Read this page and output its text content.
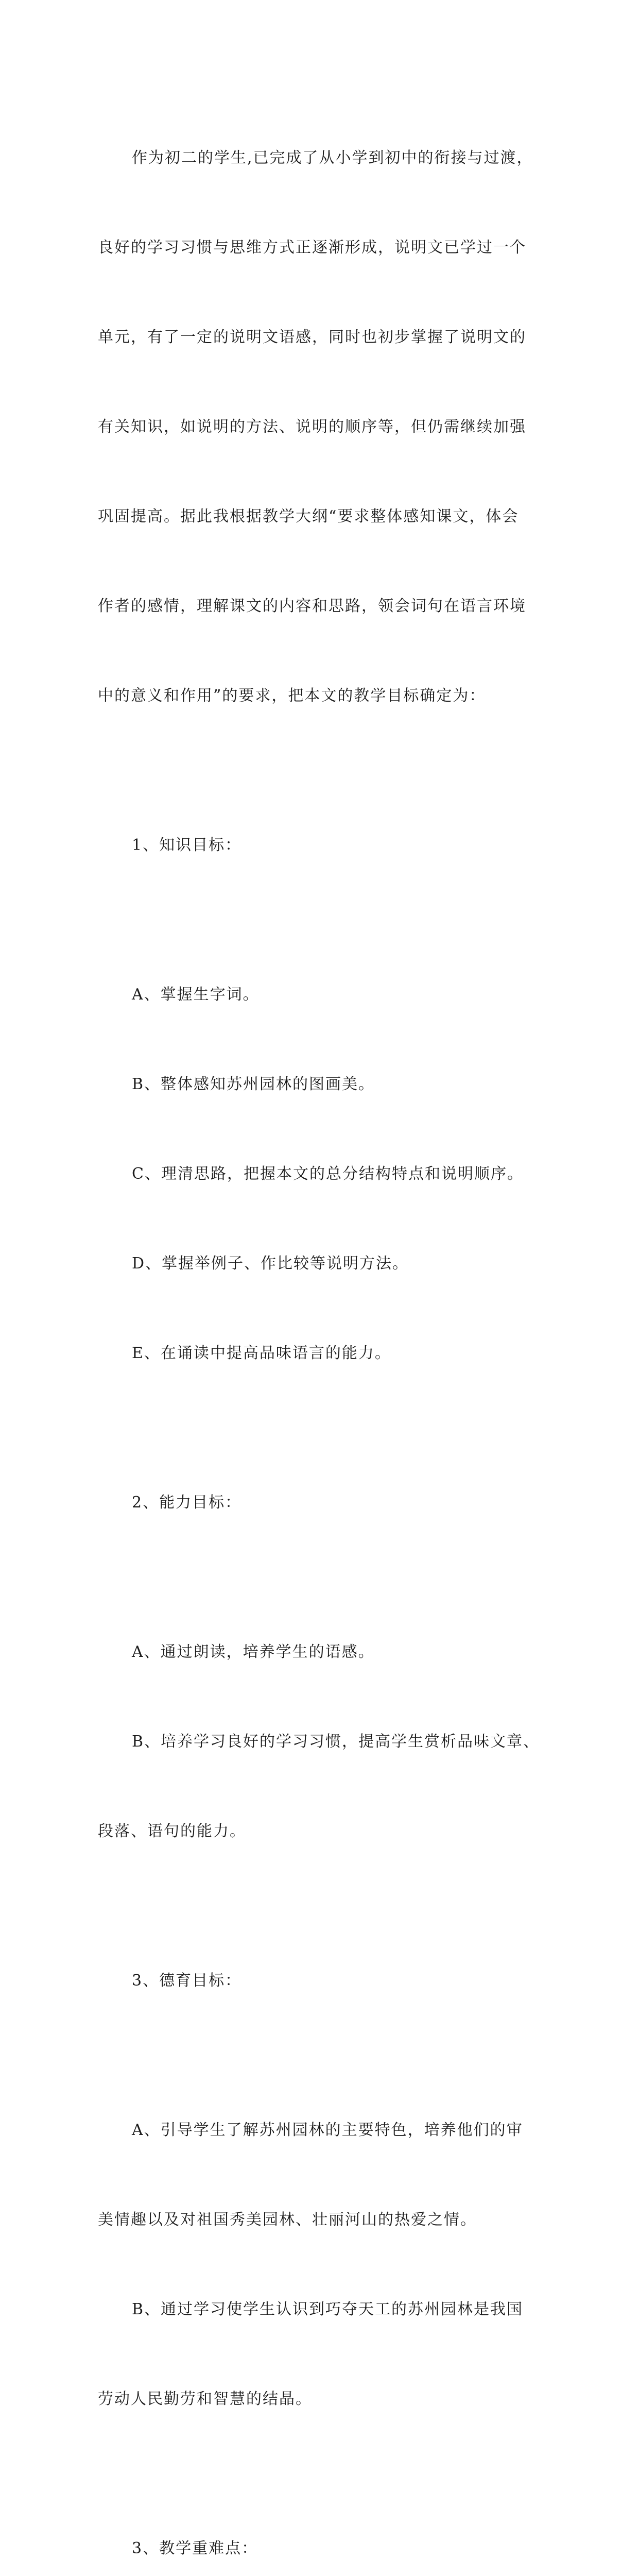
作为初二的学生,已完成了从小学到初中的衔接与过渡，

良好的学习习惯与思维方式正逐渐形成，说明文已学过一个

单元，有了一定的说明文语感，同时也初步掌握了说明文的

有关知识，如说明的方法、说明的顺序等，但仍需继续加强

巩固提高。据此我根据教学大纲“要求整体感知课文，体会

作者的感情，理解课文的内容和思路，领会词句在语言环境

中的意义和作用”的要求，把本文的教学目标确定为：

1、知识目标：

A、掌握生字词。

B、整体感知苏州园林的图画美。

C、理清思路，把握本文的总分结构特点和说明顺序。

D、掌握举例子、作比较等说明方法。

E、在诵读中提高品味语言的能力。

2、能力目标：

A、通过朗读，培养学生的语感。

B、培养学习良好的学习习惯，提高学生赏析品味文章、

段落、语句的能力。

3、德育目标：

A、引导学生了解苏州园林的主要特色，培养他们的审

美情趣以及对祖国秀美园林、壮丽河山的热爱之情。

B、通过学习使学生认识到巧夺天工的苏州园林是我国

劳动人民勤劳和智慧的结晶。

3、教学重难点：
